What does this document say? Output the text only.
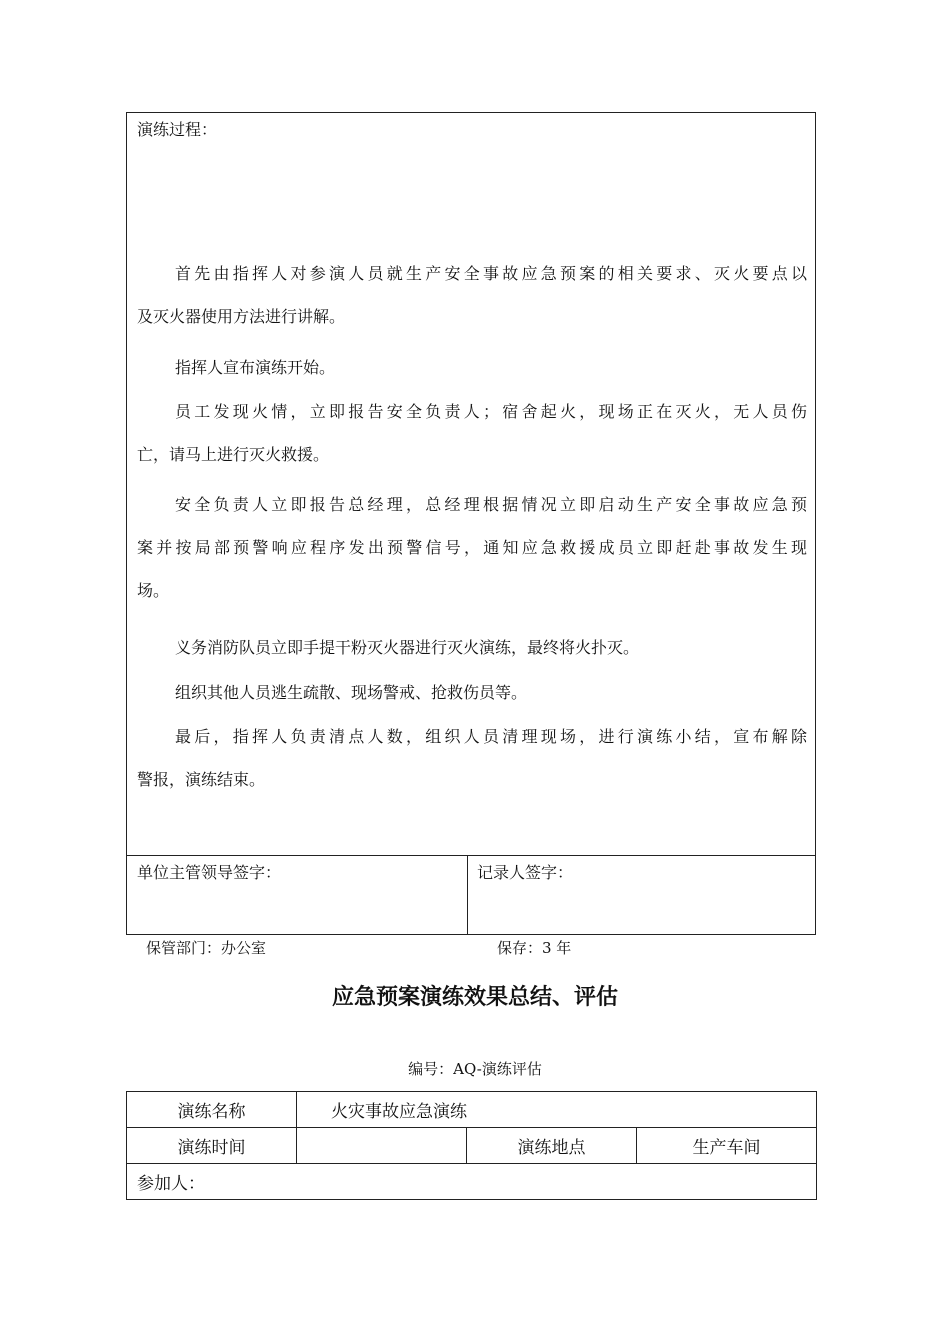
演练过程：
首先由指挥人对参演人员就生产安全事故应急预案的相关要求、灭火要点以
及灭火器使用方法进行讲解。
指挥人宣布演练开始。
员工发现火情，立即报告安全负责人；宿舍起火，现场正在灭火，无人员伤
亡，请马上进行灭火救援。
安全负责人立即报告总经理，总经理根据情况立即启动生产安全事故应急预
案并按局部预警响应程序发出预警信号，通知应急救援成员立即赶赴事故发生现
场。
义务消防队员立即手提干粉灭火器进行灭火演练，最终将火扑灭。
组织其他人员逃生疏散、现场警戒、抢救伤员等。
最后，指挥人负责清点人数，组织人员清理现场，进行演练小结，宣布解除
警报，演练结束。
单位主管领导签字：	记录人签字：
保管部门：办公室	保存：3 年
应急预案演练效果总结、评估
编号：AQ-演练评估
演练名称	火灾事故应急演练		
演练时间		演练地点	生产车间
参加人：			
